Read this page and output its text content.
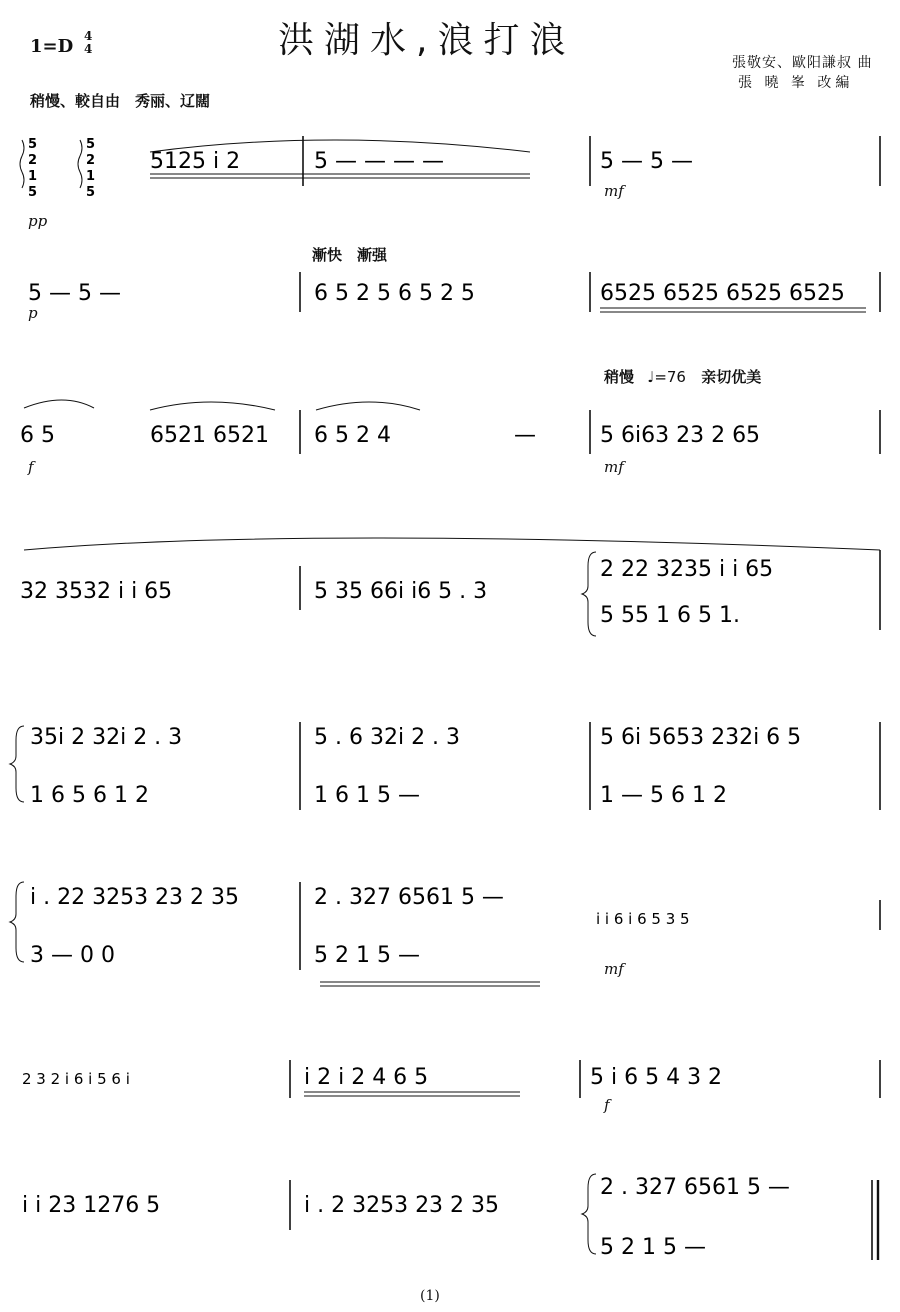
1=D 4
4	洪湖水,浪打浪
張敬安、歐阳謙叔 曲
張 曉 峯 改編
稍慢、較自由　秀丽、辽闊
漸快　漸强
稍慢 ♩=76 亲切优美
pp
mf
p
f	mf
mf
f
5
2
1
5
5
2
1
5
5125 i 2	5 — — — —	5 — 5 —
5 — 5 —	6 5 2 5 6 5 2 5	6525 6525 6525 6525
6 5	6521 6521 6 5 2 4	—	5 6i63 23 2 65
32 3532 i i 65	5 35 66i i6 5 . 3
2 22 3235 i i 65
5 55 1 6 5 1.
35i 2 32i 2 . 3
1 6 5 6 1 2
5 . 6 32i 2 . 3
1 6 1 5 —
5 6i 5653 232i 6 5
1 — 5 6 1 2
i . 22 3253 23 2 35
3 — 0 0
2 . 327 6561 5 —
5 2 1 5 —
i i 6 i 6 5 3 5
2 3 2 i 6 i 5 6 i	i 2 i 2 4 6 5	5 i 6 5 4 3 2
i i 23 1276 5	i . 2 3253 23 2 35
2 . 327 6561 5 —
5 2 1 5 —
(1)
